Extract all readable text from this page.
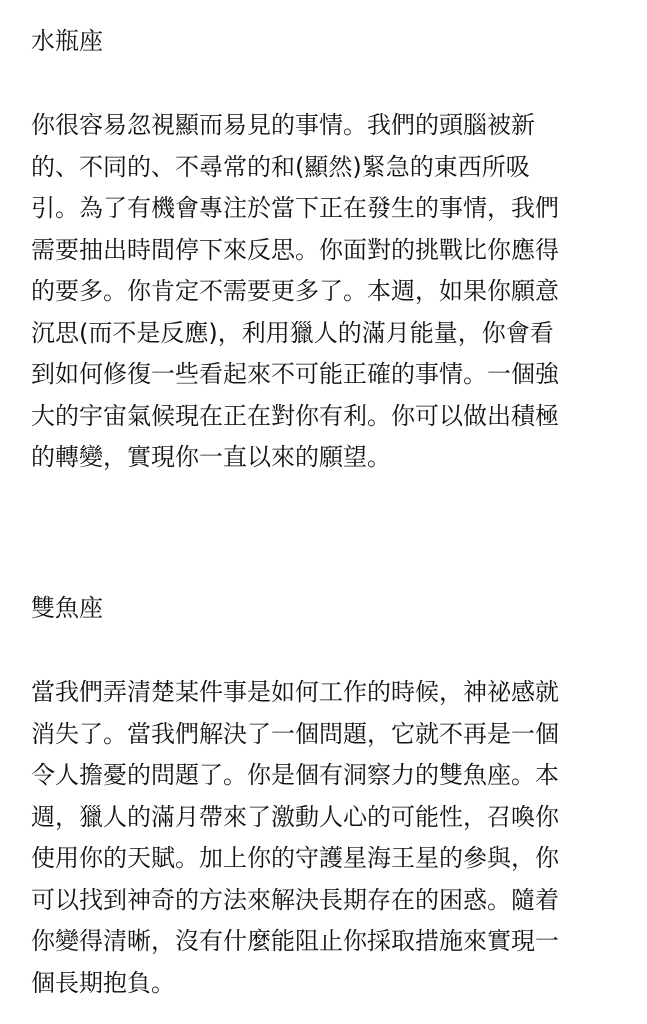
水瓶座

你很容易忽視顯而易見的事情。我們的頭腦被新
的、不同的、不尋常的和(顯然)緊急的東西所吸
引。為了有機會專注於當下正在發生的事情，我們
需要抽出時間停下來反思。你面對的挑戰比你應得
的要多。你肯定不需要更多了。本週，如果你願意
沉思(而不是反應)，利用獵人的滿月能量，你會看
到如何修復一些看起來不可能正確的事情。一個強
大的宇宙氣候現在正在對你有利。你可以做出積極
的轉變，實現你一直以來的願望。

雙魚座

當我們弄清楚某件事是如何工作的時候，神祕感就
消失了。當我們解決了一個問題，它就不再是一個
令人擔憂的問題了。你是個有洞察力的雙魚座。本
週，獵人的滿月帶來了激動人心的可能性，召喚你
使用你的天賦。加上你的守護星海王星的參與，你
可以找到神奇的方法來解決長期存在的困惑。隨着
你變得清晰，沒有什麼能阻止你採取措施來實現一
個長期抱負。
